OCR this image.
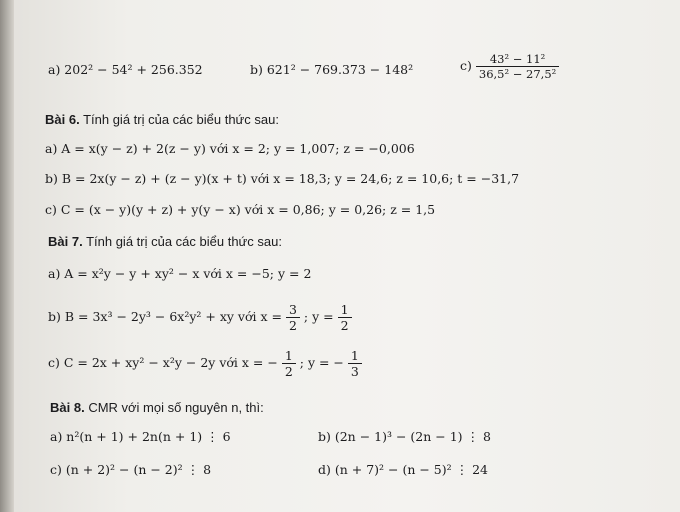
a) 202² − 54² + 256.352	b) 621² − 769.373 − 148²	$c) \frac{\text{43² − 11²}}{\text{36,5² − 27,5²}}$
Bài 6. Tính giá trị của các biểu thức sau:
a) A = x(y − z) + 2(z − y) với x = 2; y = 1,007; z = −0,006
b) B = 2x(y − z) + (z − y)(x + t) với x = 18,3; y = 24,6; z = 10,6; t = −31,7
c) C = (x − y)(y + z) + y(y − x) với x = 0,86; y = 0,26; z = 1,5
Bài 7. Tính giá trị của các biểu thức sau:
a) A = x²y − y + xy² − x với x = −5; y = 2
b) B = 3x³ − 2y³ − 6x²y² + xy với $x = \frac{3}{2}$ ; $y = \frac{1}{2}$
c) C = 2x + xy² − x²y − 2y với x = − $\frac{1}{2}$ ; y = − $\frac{1}{3}$
Bài 8. CMR với mọi số nguyên n, thì:
a) n²(n + 1) + 2n(n + 1) ⋮ 6	b) (2n − 1)³ − (2n − 1) ⋮ 8
c) (n + 2)² − (n − 2)² ⋮ 8	d) (n + 7)² − (n − 5)² ⋮ 24
